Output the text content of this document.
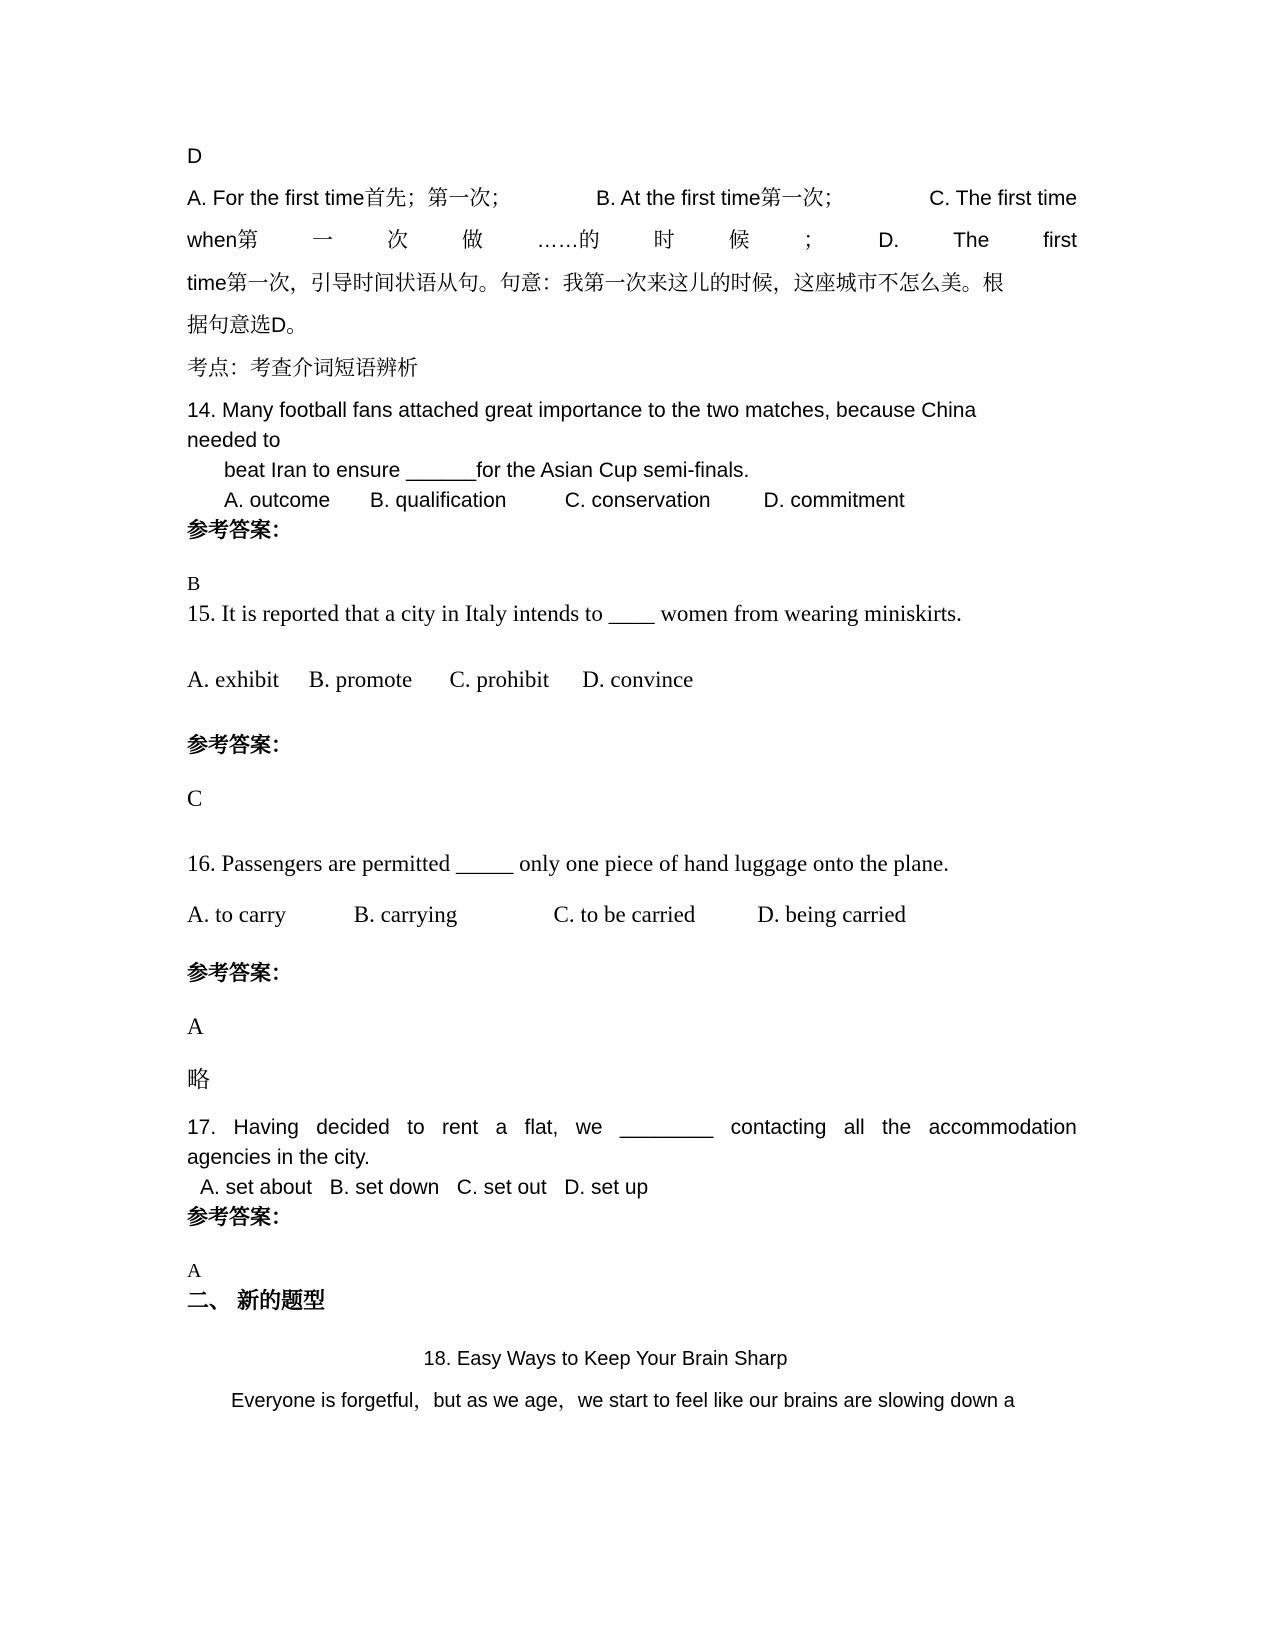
D
A. For the first time首先；第一次；	B. At the first time第一次；	C. The first time
when第	一	次	做	……的	时	候	；	D.	The	first
time第一次，引导时间状语从句。句意：我第一次来这儿的时候，这座城市不怎么美。根
据句意选D。
考点：考查介词短语辨析
14. Many football fans attached great importance to the two matches, because China
needed to
beat Iran to ensure ______for the Asian Cup semi-finals.
A. outcome B. qualification	C. conservation	D. commitment
参考答案：
B
15. It is reported that a city in Italy intends to ____ women from wearing miniskirts.
A. exhibit B. promote C. prohibit D. convince
参考答案：
C
16. Passengers are permitted _____ only one piece of hand luggage onto the plane.
A. to carry	B. carrying	C. to be carried	D. being carried
参考答案：
A
略
17. Having decided to rent a flat, we ________ contacting all the accommodation
agencies in the city.
A. set about   B. set down   C. set out   D. set up
参考答案：
A
二、 新的题型
18. Easy Ways to Keep Your Brain Sharp
Everyone is forgetful，but as we age，we start to feel like our brains are slowing down a
